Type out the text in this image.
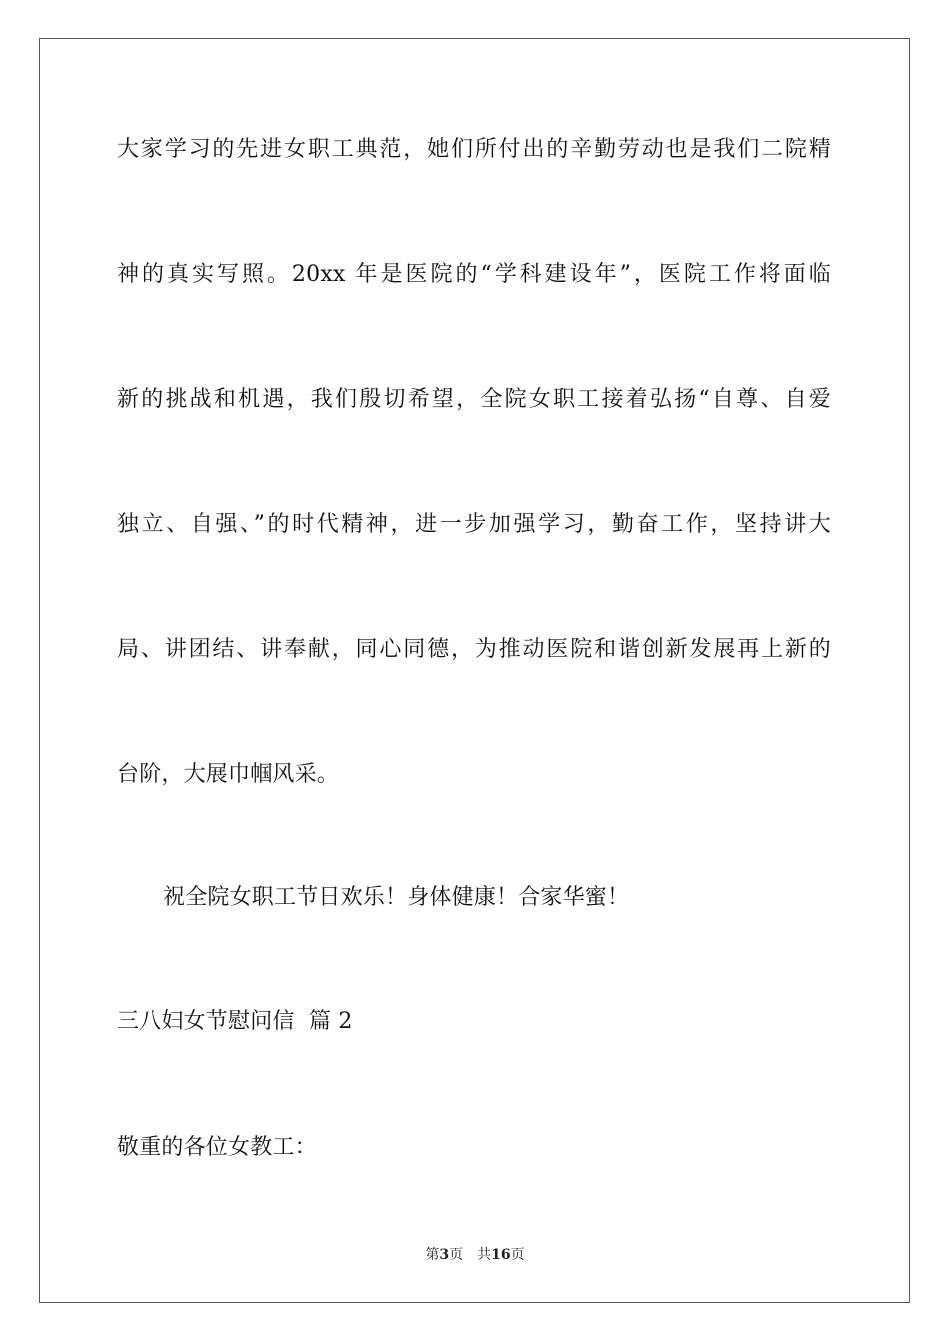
大家学习的先进女职工典范，她们所付出的辛勤劳动也是我们二院精
神的真实写照。20xx 年是医院的“学科建设年”，医院工作将面临
新的挑战和机遇，我们殷切希望，全院女职工接着弘扬“自尊、自爱
独立、自强、”的时代精神，进一步加强学习，勤奋工作，坚持讲大
局、讲团结、讲奉献，同心同德，为推动医院和谐创新发展再上新的
台阶，大展巾帼风采。
祝全院女职工节日欢乐！身体健康！合家华蜜！
三八妇女节慰问信  篇 2
敬重的各位女教工：
第3页 共16页
